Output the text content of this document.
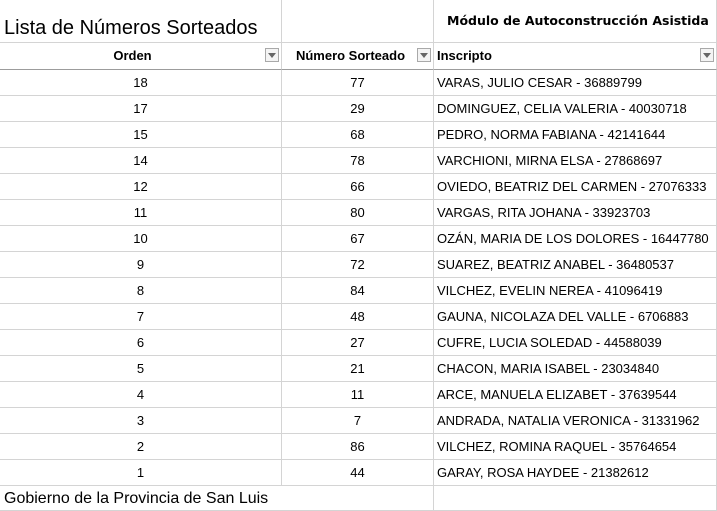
Lista de Números Sorteados	Módulo de Autoconstrucción Asistida
Orden	Número Sorteado	Inscripto
18	77	VARAS, JULIO CESAR - 36889799
17	29	DOMINGUEZ, CELIA VALERIA - 40030718
15	68	PEDRO, NORMA FABIANA - 42141644
14	78	VARCHIONI, MIRNA ELSA - 27868697
12	66	OVIEDO, BEATRIZ DEL CARMEN - 27076333
11	80	VARGAS, RITA JOHANA - 33923703
10	67	OZÁN, MARIA DE LOS DOLORES - 16447780
9	72	SUAREZ, BEATRIZ ANABEL - 36480537
8	84	VILCHEZ, EVELIN NEREA - 41096419
7	48	GAUNA, NICOLAZA DEL VALLE - 6706883
6	27	CUFRE, LUCIA SOLEDAD - 44588039
5	21	CHACON, MARIA ISABEL - 23034840
4	11	ARCE, MANUELA ELIZABET - 37639544
3	7	ANDRADA, NATALIA VERONICA - 31331962
2	86	VILCHEZ, ROMINA RAQUEL - 35764654
1	44	GARAY, ROSA HAYDEE - 21382612
Gobierno de la Provincia de San Luis
